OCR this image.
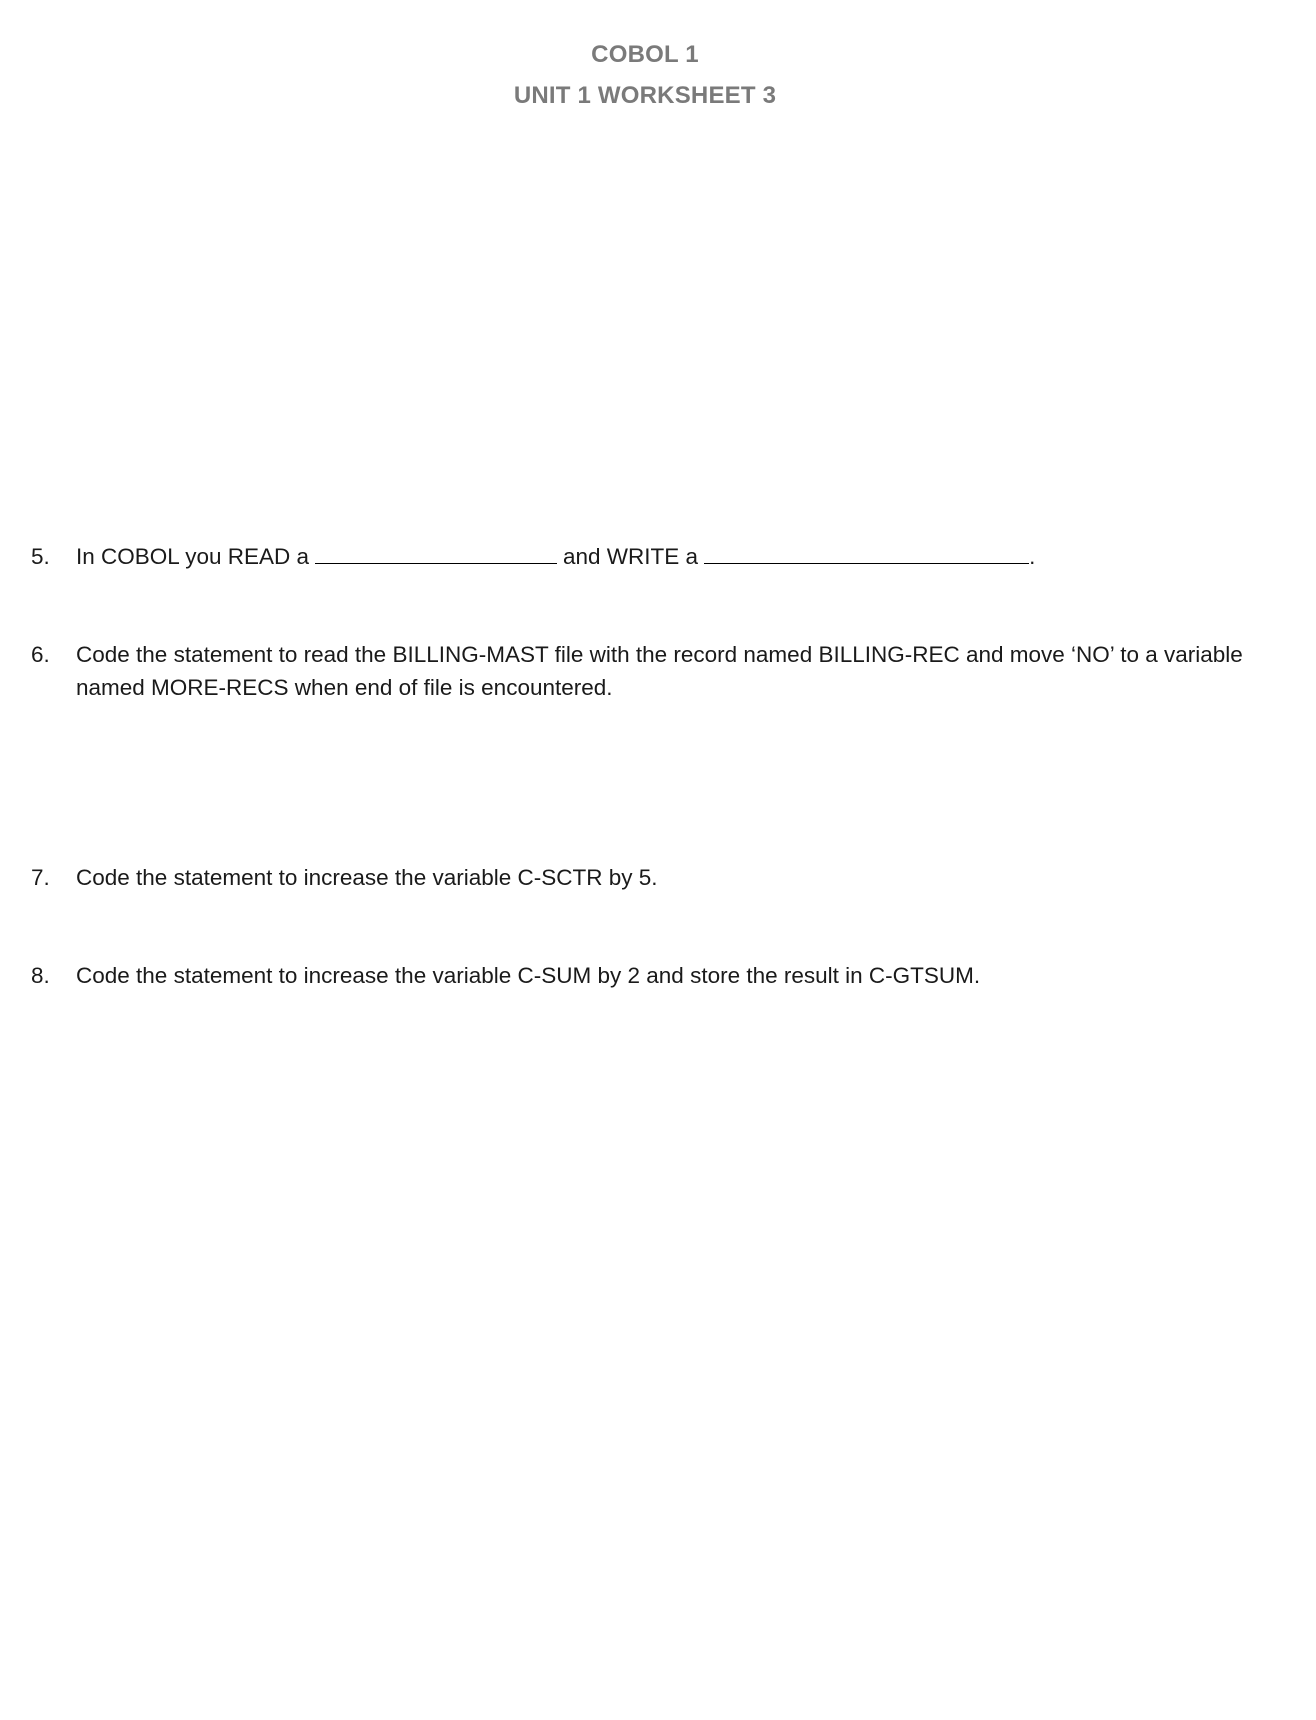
COBOL 1
UNIT 1 WORKSHEET 3
5. In COBOL you READ a	and WRITE a	.
6. Code the statement to read the BILLING-MAST file with the record named BILLING-REC and move ‘NO’ to a variable named MORE-RECS when end of file is encountered.
7. Code the statement to increase the variable C-SCTR by 5.
8. Code the statement to increase the variable C-SUM by 2 and store the result in C-GTSUM.
